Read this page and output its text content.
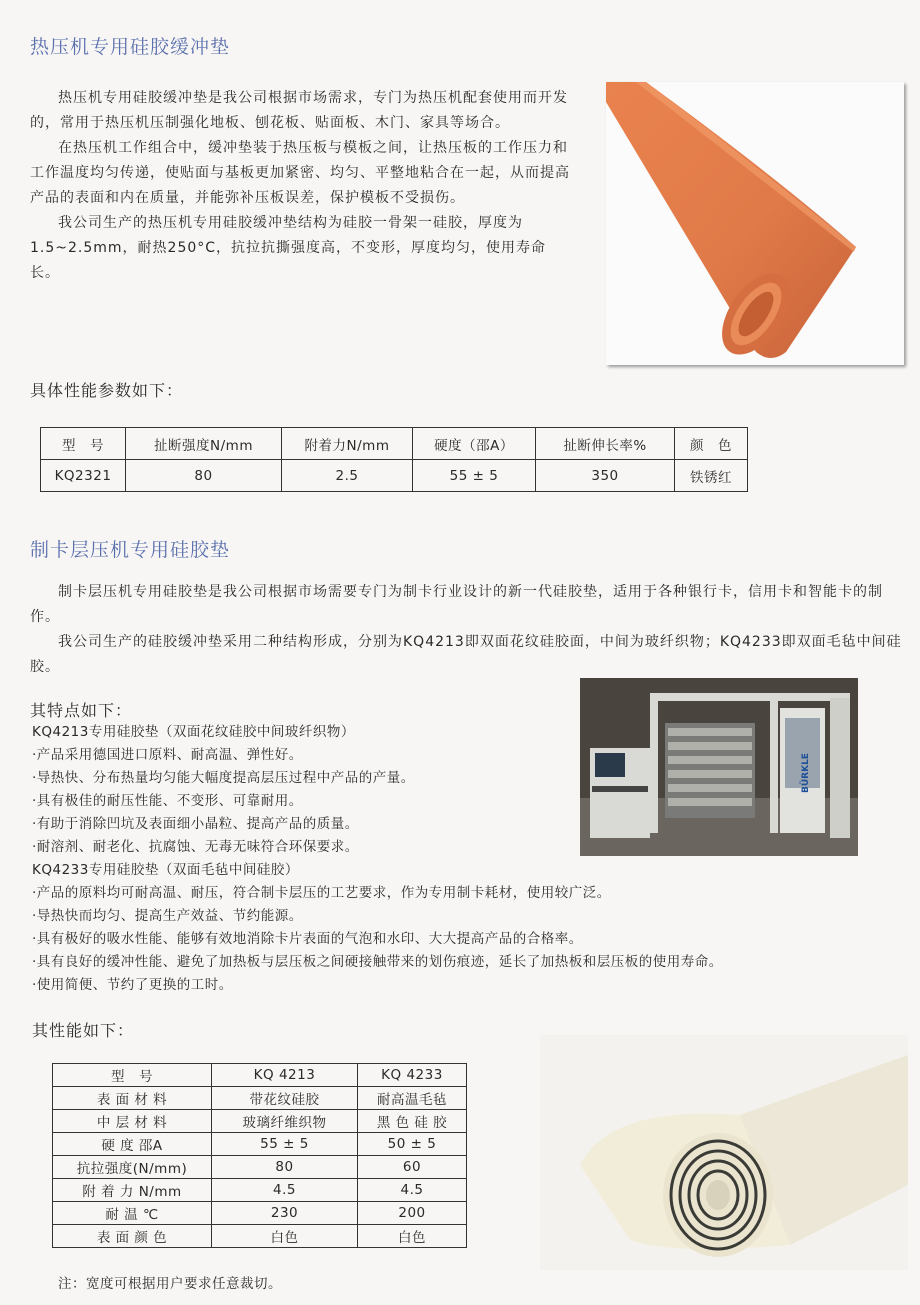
热压机专用硅胶缓冲垫

热压机专用硅胶缓冲垫是我公司根据市场需求，专门为热压机配套使用而开发的，常用于热压机压制强化地板、刨花板、贴面板、木门、家具等场合。

在热压机工作组合中，缓冲垫装于热压板与模板之间，让热压板的工作压力和工作温度均匀传递，使贴面与基板更加紧密、均匀、平整地粘合在一起，从而提高产品的表面和内在质量，并能弥补压板误差，保护模板不受损伤。

我公司生产的热压机专用硅胶缓冲垫结构为硅胶一骨架一硅胶，厚度为1.5~2.5mm，耐热250°C，抗拉抗撕强度高，不变形，厚度均匀，使用寿命长。

具体性能参数如下：
型　号	扯断强度N/mm	附着力N/mm	硬度（邵A）	扯断伸长率%	颜　色
KQ2321	80	2.5	55 ± 5	350	铁锈红
制卡层压机专用硅胶垫

制卡层压机专用硅胶垫是我公司根据市场需要专门为制卡行业设计的新一代硅胶垫，适用于各种银行卡，信用卡和智能卡的制作。

我公司生产的硅胶缓冲垫采用二种结构形成，分别为KQ4213即双面花纹硅胶面，中间为玻纤织物；KQ4233即双面毛毡中间硅胶。

其特点如下：
KQ4213专用硅胶垫（双面花纹硅胶中间玻纤织物）
·产品采用德国进口原料、耐高温、弹性好。
·导热快、分布热量均匀能大幅度提高层压过程中产品的产量。
·具有极佳的耐压性能、不变形、可靠耐用。
·有助于消除凹坑及表面细小晶粒、提高产品的质量。
·耐溶剂、耐老化、抗腐蚀、无毒无味符合环保要求。
KQ4233专用硅胶垫（双面毛毡中间硅胶）
·产品的原料均可耐高温、耐压，符合制卡层压的工艺要求，作为专用制卡耗材，使用较广泛。
·导热快而均匀、提高生产效益、节约能源。
·具有极好的吸水性能、能够有效地消除卡片表面的气泡和水印、大大提高产品的合格率。
·具有良好的缓冲性能、避免了加热板与层压板之间硬接触带来的划伤痕迹，延长了加热板和层压板的使用寿命。
·使用简便、节约了更换的工时。
BÜRKLE
其性能如下：
型　号	KQ 4213	KQ 4233
表 面 材 料	带花纹硅胶	耐高温毛毡
中 层 材 料	玻璃纤维织物	黑 色 硅 胶
硬 度 邵A	55 ± 5	50 ± 5
抗拉强度(N/mm)	80	60
附 着 力 N/mm	4.5	4.5
耐 温 ℃	230	200
表 面 颜 色	白色	白色
注：宽度可根据用户要求任意裁切。
